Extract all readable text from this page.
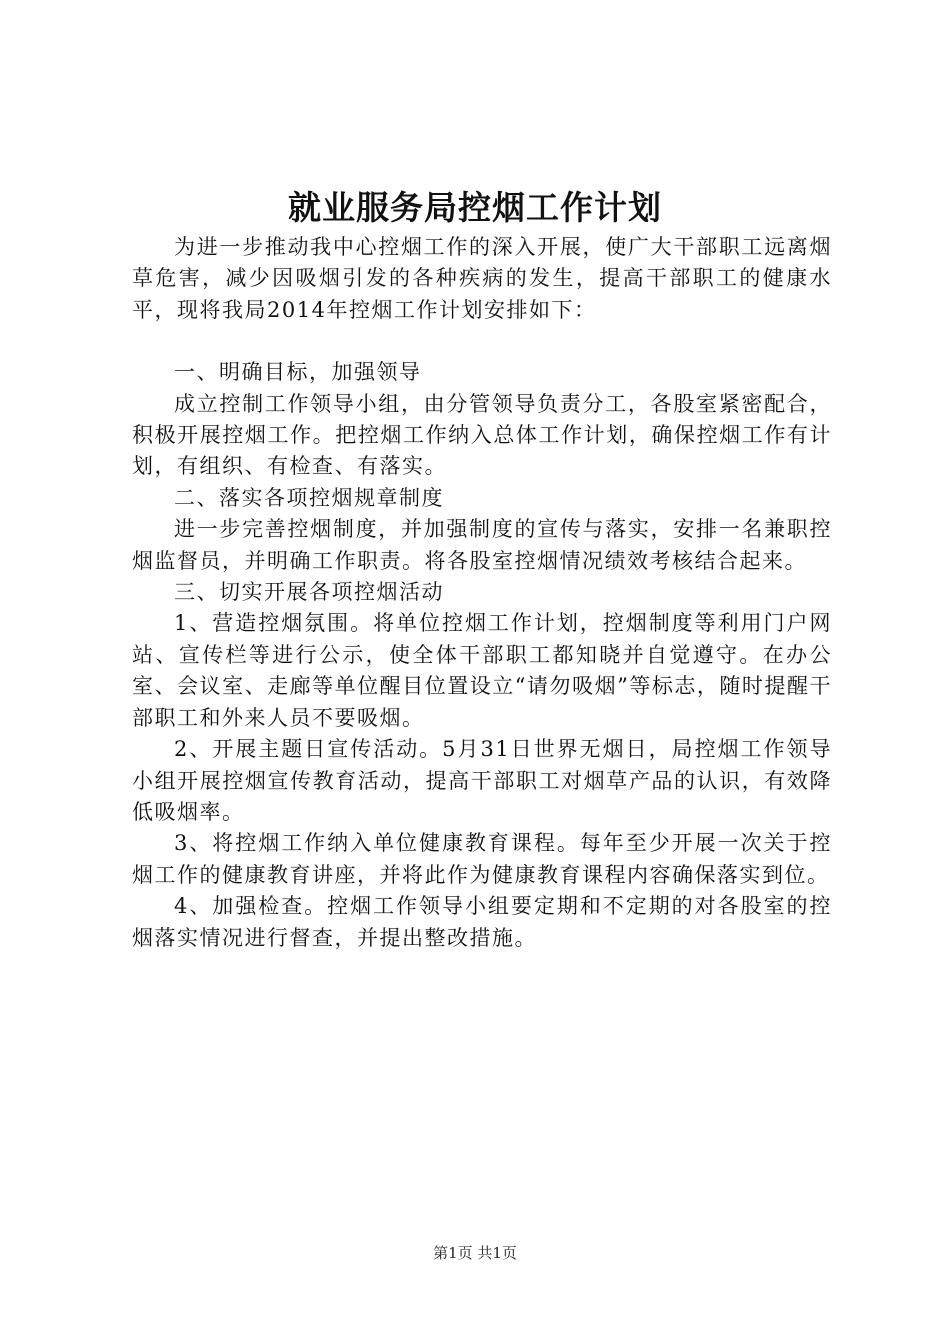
就业服务局控烟工作计划

为进一步推动我中心控烟工作的深入开展，使广大干部职工远离烟草危害，减少因吸烟引发的各种疾病的发生，提高干部职工的健康水平，现将我局2014年控烟工作计划安排如下：

一、明确目标，加强领导

成立控制工作领导小组，由分管领导负责分工，各股室紧密配合，积极开展控烟工作。把控烟工作纳入总体工作计划，确保控烟工作有计划，有组织、有检查、有落实。

二、落实各项控烟规章制度

进一步完善控烟制度，并加强制度的宣传与落实，安排一名兼职控烟监督员，并明确工作职责。将各股室控烟情况绩效考核结合起来。

三、切实开展各项控烟活动

1、营造控烟氛围。将单位控烟工作计划，控烟制度等利用门户网站、宣传栏等进行公示，使全体干部职工都知晓并自觉遵守。在办公室、会议室、走廊等单位醒目位置设立“请勿吸烟”等标志，随时提醒干部职工和外来人员不要吸烟。

2、开展主题日宣传活动。5月31日世界无烟日，局控烟工作领导小组开展控烟宣传教育活动，提高干部职工对烟草产品的认识，有效降低吸烟率。

3、将控烟工作纳入单位健康教育课程。每年至少开展一次关于控烟工作的健康教育讲座，并将此作为健康教育课程内容确保落实到位。

4、加强检查。控烟工作领导小组要定期和不定期的对各股室的控烟落实情况进行督查，并提出整改措施。

第1页 共1页
